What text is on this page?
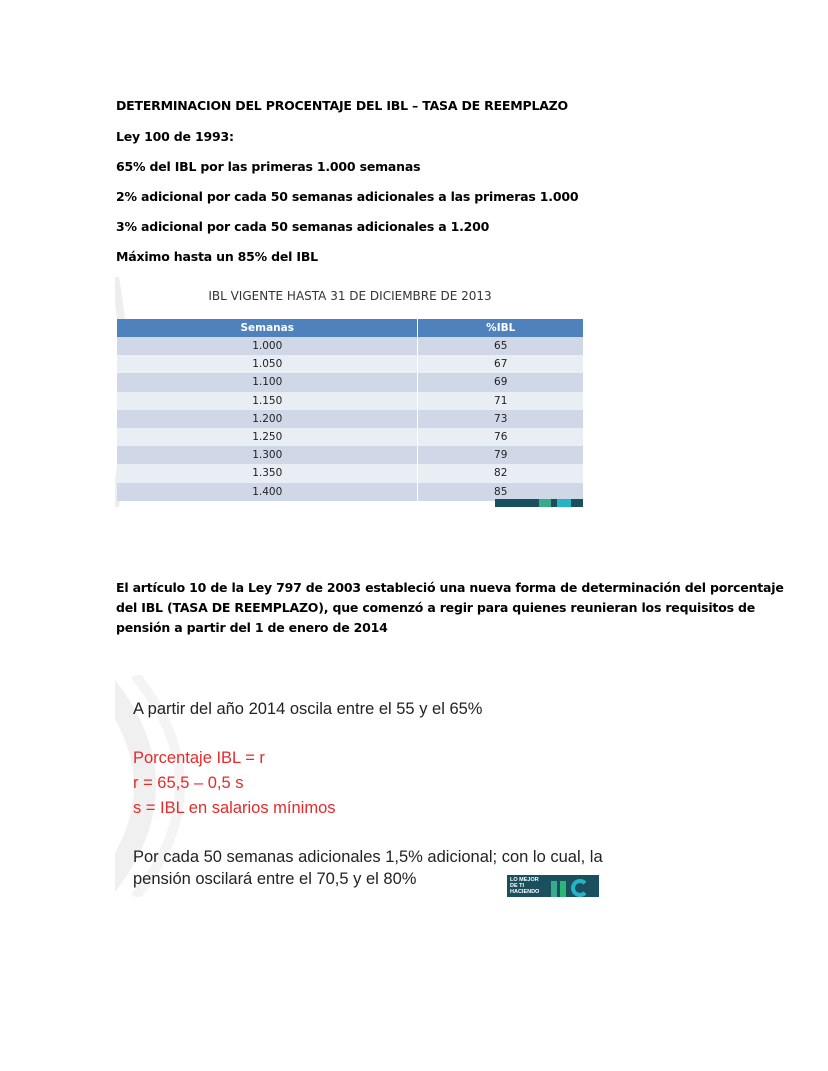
DETERMINACION DEL PROCENTAJE DEL IBL – TASA DE REEMPLAZO
Ley 100 de 1993:
65% del IBL por las primeras 1.000 semanas
2% adicional por cada 50 semanas adicionales a las primeras 1.000
3% adicional por cada 50 semanas adicionales a 1.200
Máximo hasta un 85% del IBL
IBL VIGENTE HASTA 31 DE DICIEMBRE DE 2013
Semanas	%IBL
1.000	65
1.050	67
1.100	69
1.150	71
1.200	73
1.250	76
1.300	79
1.350	82
1.400	85
El artículo 10 de la Ley 797 de 2003 estableció una nueva forma de determinación del porcentaje
del IBL (TASA DE REEMPLAZO), que comenzó a regir para quienes reunieran los requisitos de
pensión a partir del 1 de enero de 2014
A partir del año 2014 oscila entre el 55 y el 65%
Porcentaje IBL = r
r = 65,5 – 0,5 s
s = IBL en salarios mínimos
Por cada 50 semanas adicionales 1,5% adicional; con lo cual, la
pensión oscilará entre el 70,5 y el 80%	LO MEJOR DE TI HACIENDO
